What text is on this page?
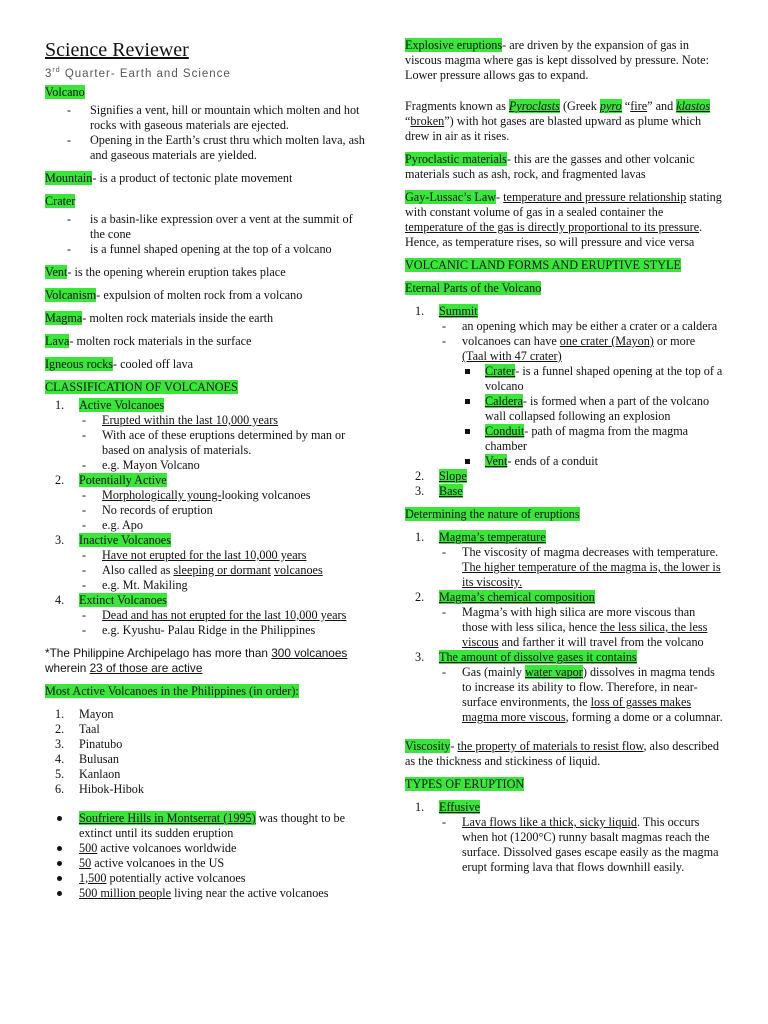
Science Reviewer
3rd Quarter- Earth and Science

Volcano

- Signifies a vent, hill or mountain which molten and hot rocks with gaseous materials are ejected.
- Opening in the Earth’s crust thru which molten lava, ash and gaseous materials are yielded.

Mountain- is a product of tectonic plate movement

Crater

- is a basin-like expression over a vent at the summit of the cone
- is a funnel shaped opening at the top of a volcano

Vent- is the opening wherein eruption takes place

Volcanism- expulsion of molten rock from a volcano

Magma- molten rock materials inside the earth

Lava- molten rock materials in the surface

Igneous rocks- cooled off lava

CLASSIFICATION OF VOLCANOES

1. Active Volcanoes
- Erupted within the last 10,000 years
- With ace of these eruptions determined by man or based on analysis of materials.
- e.g. Mayon Volcano
2. Potentially Active
- Morphologically young-looking volcanoes
- No records of eruption
- e.g. Apo
3. Inactive Volcanoes
- Have not erupted for the last 10,000 years
- Also called as sleeping or dormant volcanoes
- e.g. Mt. Makiling
4. Extinct Volcanoes
- Dead and has not erupted for the last 10,000 years
- e.g. Kyushu- Palau Ridge in the Philippines

*The Philippine Archipelago has more than 300 volcanoes wherein 23 of those are active

Most Active Volcanoes in the Philippines (in order):

1. Mayon
2. Taal
3. Pinatubo
4. Bulusan
5. Kanlaon
6. Hibok-Hibok
Soufriere Hills in Montserrat (1995) was thought to be extinct until its sudden eruption
500 active volcanoes worldwide
50 active volcanoes in the US
1,500 potentially active volcanoes
500 million people living near the active volcanoes

Explosive eruptions- are driven by the expansion of gas in viscous magma where gas is kept dissolved by pressure. Note: Lower pressure allows gas to expand.

Fragments known as Pyroclasts (Greek pyro “fire” and klastos “broken”) with hot gases are blasted upward as plume which drew in air as it rises.

Pyroclastic materials- this are the gasses and other volcanic materials such as ash, rock, and fragmented lavas

Gay-Lussac’s Law- temperature and pressure relationship stating with constant volume of gas in a sealed container the temperature of the gas is directly proportional to its pressure. Hence, as temperature rises, so will pressure and vice versa

VOLCANIC LAND FORMS AND ERUPTIVE STYLE

Eternal Parts of the Volcano

1. Summit
- an opening which may be either a crater or a caldera
- volcanoes can have one crater (Mayon) or more (Taal with 47 crater)
Crater- is a funnel shaped opening at the top of a volcano
Caldera- is formed when a part of the volcano wall collapsed following an explosion
Conduit- path of magma from the magma chamber
Vent- ends of a conduit
2. Slope
3. Base

Determining the nature of eruptions

1. Magma’s temperature
- The viscosity of magma decreases with temperature. The higher temperature of the magma is, the lower is its viscosity.
2. Magma’s chemical composition
- Magma’s with high silica are more viscous than those with less silica, hence the less silica, the less viscous and farther it will travel from the volcano
3. The amount of dissolve gases it contains
- Gas (mainly water vapor) dissolves in magma tends to increase its ability to flow. Therefore, in near-surface environments, the loss of gasses makes magma more viscous, forming a dome or a columnar.

Viscosity- the property of materials to resist flow, also described as the thickness and stickiness of liquid.

TYPES OF ERUPTION

1. Effusive
- Lava flows like a thick, sicky liquid. This occurs when hot (1200°C) runny basalt magmas reach the surface. Dissolved gases escape easily as the magma erupt forming lava that flows downhill easily.
